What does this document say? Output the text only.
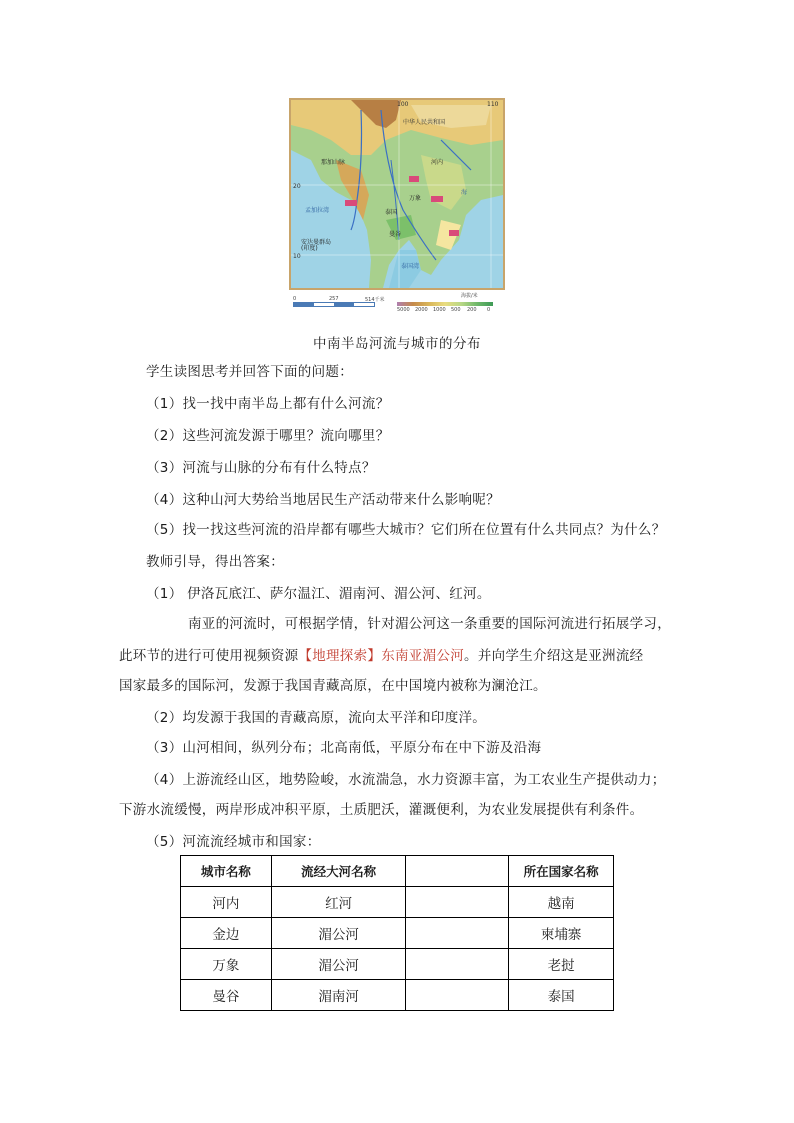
中华人民共和国
100	110
20
10
河内
万象
曼谷
泰国
安达曼群岛
(印度)
泰国湾
那加山脉
海
孟加拉湾
0	257	514千米
海拔/米
5000 2000 1000 500 200 0
中南半岛河流与城市的分布
学生读图思考并回答下面的问题：
（1）找一找中南半岛上都有什么河流？
（2）这些河流发源于哪里？流向哪里？
（3）河流与山脉的分布有什么特点？
（4）这种山河大势给当地居民生产活动带来什么影响呢？
（5）找一找这些河流的沿岸都有哪些大城市？它们所在位置有什么共同点？为什么？
教师引导，得出答案：
（1） 伊洛瓦底江、萨尔温江、湄南河、湄公河、红河。
南亚的河流时，可根据学情，针对湄公河这一条重要的国际河流进行拓展学习，
此环节的进行可使用视频资源【地理探索】东南亚湄公河。并向学生介绍这是亚洲流经
国家最多的国际河，发源于我国青藏高原，在中国境内被称为澜沧江。
（2）均发源于我国的青藏高原，流向太平洋和印度洋。
（3）山河相间，纵列分布；北高南低，平原分布在中下游及沿海
（4）上游流经山区，地势险峻，水流湍急，水力资源丰富，为工农业生产提供动力；
下游水流缓慢，两岸形成冲积平原，土质肥沃，灌溉便利，为农业发展提供有利条件。
（5）河流流经城市和国家：
城市名称	流经大河名称		所在国家名称
河内	红河		越南
金边	湄公河		柬埔寨
万象	湄公河		老挝
曼谷	湄南河		泰国
